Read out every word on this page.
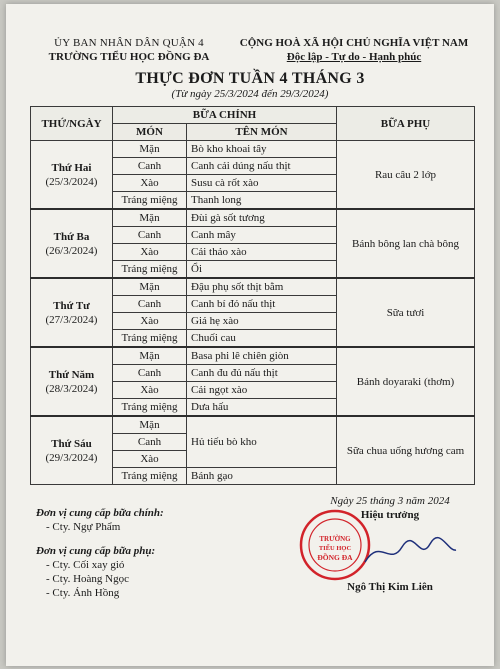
ỦY BAN NHÂN DÂN QUẬN 4
TRƯỜNG TIỂU HỌC ĐỒNG ĐA
CỘNG HOÀ XÃ HỘI CHỦ NGHĨA VIỆT NAM
Độc lập - Tự do - Hạnh phúc
THỰC ĐƠN TUẦN 4 THÁNG 3
(Từ ngày 25/3/2024 đến 29/3/2024)
THỨ/NGÀY	BỮA CHÍNH		BỮA PHỤ
	MÓN	TÊN MÓN	
Thứ Hai
(25/3/2024)	Mặn	Bò kho khoai tây	Rau câu 2 lớp
	Canh	Canh cải dúng nấu thịt	
	Xào	Susu cà rốt xào	
	Tráng miệng	Thanh long	
Thứ Ba
(26/3/2024)	Mặn	Đùi gà sốt tương	Bánh bông lan chà bông
	Canh	Canh mây	
	Xào	Cải thảo xào	
	Tráng miệng	Ổi	
Thứ Tư
(27/3/2024)	Mặn	Đậu phụ sốt thịt bằm	Sữa tươi
	Canh	Canh bí đỏ nấu thịt	
	Xào	Giá hẹ xào	
	Tráng miệng	Chuối cau	
Thứ Năm
(28/3/2024)	Mặn	Basa phi lê chiên giòn	Bánh doyaraki (thơm)
	Canh	Canh đu đủ nấu thịt	
	Xào	Cải ngọt xào	
	Tráng miệng	Dưa hấu	
Thứ Sáu
(29/3/2024)	Mặn	Hủ tiếu bò kho	Sữa chua uống hương cam
	Canh		
	Xào		
	Tráng miệng	Bánh gạo	
Đơn vị cung cấp bữa chính:
- Cty. Ngự Phẩm
Đơn vị cung cấp bữa phụ:
- Cty. Cối xay gió
- Cty. Hoàng Ngọc
- Cty. Ánh Hồng
Ngày 25 tháng 3 năm 2024
Hiệu trưởng
Ngô Thị Kim Liên
TRƯỜNG
TIỂU HỌC
ĐỒNG ĐA
